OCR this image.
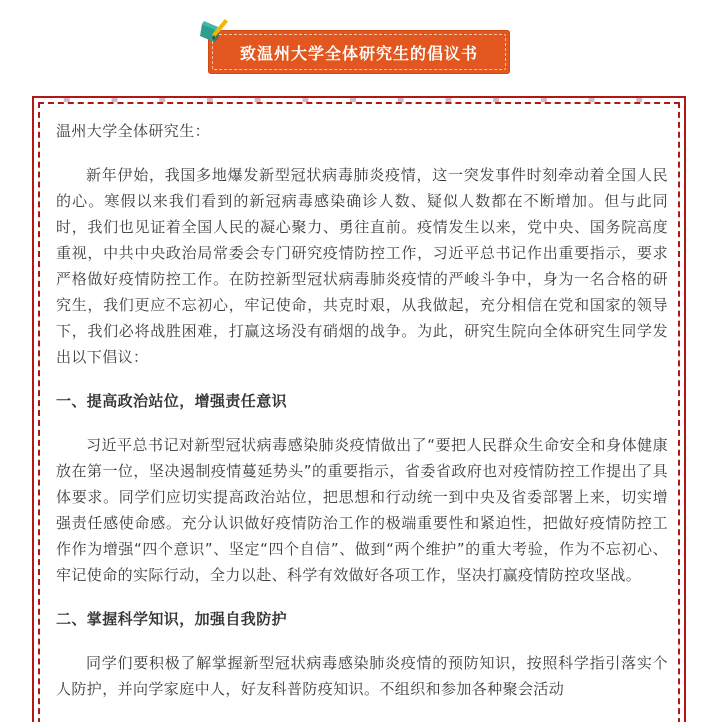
致温州大学全体研究生的倡议书

温州大学全体研究生：

新年伊始，我国多地爆发新型冠状病毒肺炎疫情，这一突发事件时刻牵动着全国人民的心。寒假以来我们看到的新冠病毒感染确诊人数、疑似人数都在不断增加。但与此同时，我们也见证着全国人民的凝心聚力、勇往直前。疫情发生以来，党中央、国务院高度重视，中共中央政治局常委会专门研究疫情防控工作，习近平总书记作出重要指示，要求严格做好疫情防控工作。在防控新型冠状病毒肺炎疫情的严峻斗争中，身为一名合格的研究生，我们更应不忘初心，牢记使命，共克时艰，从我做起，充分相信在党和国家的领导下，我们必将战胜困难，打赢这场没有硝烟的战争。为此，研究生院向全体研究生同学发出以下倡议：

一、提高政治站位，增强责任意识

习近平总书记对新型冠状病毒感染肺炎疫情做出了“要把人民群众生命安全和身体健康放在第一位，坚决遏制疫情蔓延势头”的重要指示，省委省政府也对疫情防控工作提出了具体要求。同学们应切实提高政治站位，把思想和行动统一到中央及省委部署上来，切实增强责任感使命感。充分认识做好疫情防治工作的极端重要性和紧迫性，把做好疫情防控工作作为增强“四个意识”、坚定“四个自信”、做到“两个维护”的重大考验，作为不忘初心、牢记使命的实际行动，全力以赴、科学有效做好各项工作，坚决打赢疫情防控攻坚战。

二、掌握科学知识，加强自我防护

同学们要积极了解掌握新型冠状病毒感染肺炎疫情的预防知识，按照科学指引落实个人防护，并向学家庭中人，好友科普防疫知识。不组织和参加各种聚会活动
